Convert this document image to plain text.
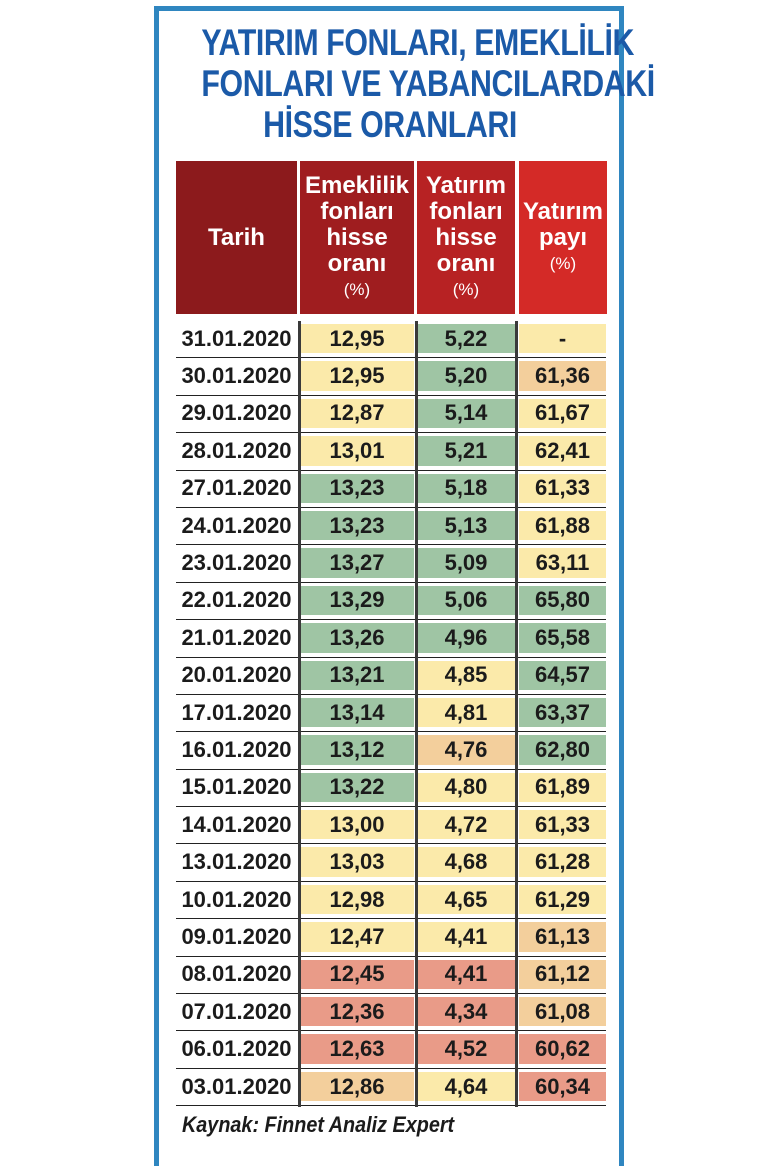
YATIRIM FONLARI, EMEKLİLİK
FONLARI VE YABANCILARDAKİ
HİSSE ORANLARI
Tarih
Emeklilik
fonları
hisse
oranı
(%)
Yatırım
fonları
hisse
oranı
(%)
Yatırım
payı
(%)
31.01.2020	12,95	5,22	-
30.01.2020	12,95	5,20	61,36
29.01.2020	12,87	5,14	61,67
28.01.2020	13,01	5,21	62,41
27.01.2020	13,23	5,18	61,33
24.01.2020	13,23	5,13	61,88
23.01.2020	13,27	5,09	63,11
22.01.2020	13,29	5,06	65,80
21.01.2020	13,26	4,96	65,58
20.01.2020	13,21	4,85	64,57
17.01.2020	13,14	4,81	63,37
16.01.2020	13,12	4,76	62,80
15.01.2020	13,22	4,80	61,89
14.01.2020	13,00	4,72	61,33
13.01.2020	13,03	4,68	61,28
10.01.2020	12,98	4,65	61,29
09.01.2020	12,47	4,41	61,13
08.01.2020	12,45	4,41	61,12
07.01.2020	12,36	4,34	61,08
06.01.2020	12,63	4,52	60,62
03.01.2020	12,86	4,64	60,34
Kaynak: Finnet Analiz Expert
